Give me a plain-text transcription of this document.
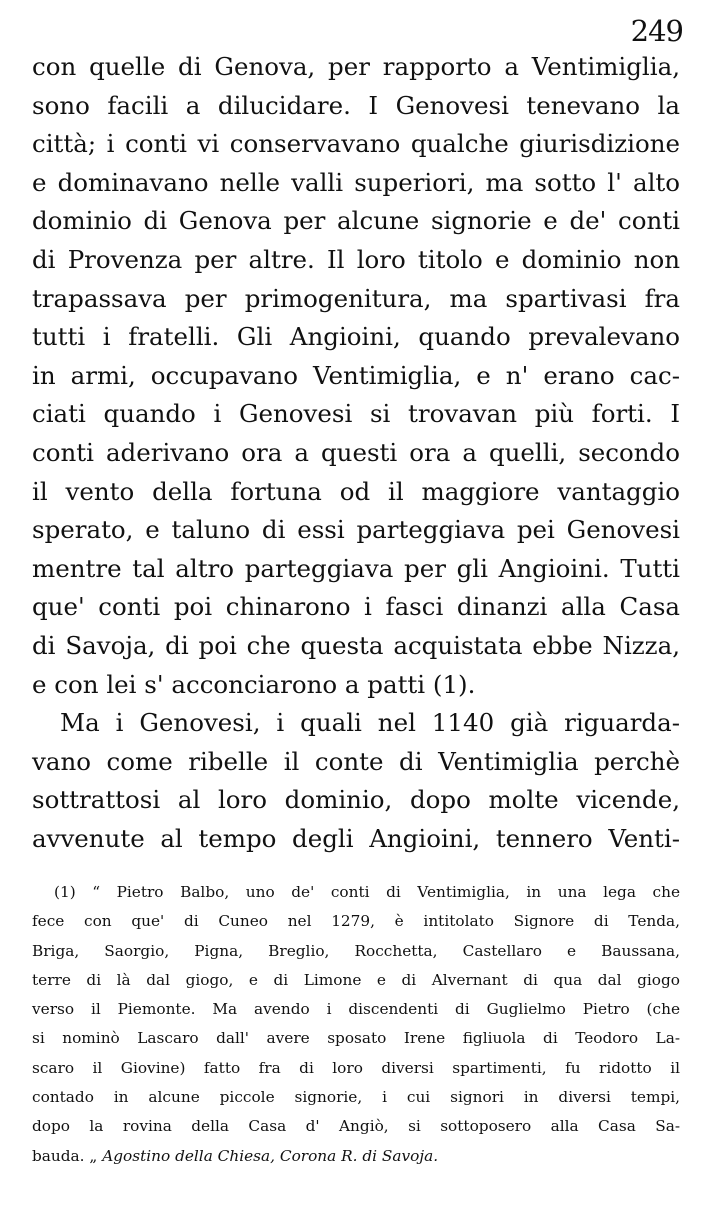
249
con quelle di Genova, per rapporto a Ventimiglia,
sono facili a dilucidare. I Genovesi tenevano la
città; i conti vi conservavano qualche giurisdizione
e dominavano nelle valli superiori, ma sotto l' alto
dominio di Genova per alcune signorie e de' conti
di Provenza per altre. Il loro titolo e dominio non
trapassava per primogenitura, ma spartivasi fra
tutti i fratelli. Gli Angioini, quando prevalevano
in armi, occupavano Ventimiglia, e n' erano cac-
ciati quando i Genovesi si trovavan più forti. I
conti aderivano ora a questi ora a quelli, secondo
il vento della fortuna od il maggiore vantaggio
sperato, e taluno di essi parteggiava pei Genovesi
mentre tal altro parteggiava per gli Angioini. Tutti
que' conti poi chinarono i fasci dinanzi alla Casa
di Savoja, di poi che questa acquistata ebbe Nizza,
e con lei s' acconciarono a patti (1).
Ma i Genovesi, i quali nel 1140 già riguarda-
vano come ribelle il conte di Ventimiglia perchè
sottrattosi al loro dominio, dopo molte vicende,
avvenute al tempo degli Angioini, tennero Venti-
(1) “ Pietro Balbo, uno de' conti di Ventimiglia, in una lega che
fece con que' di Cuneo nel 1279, è intitolato Signore di Tenda,
Briga, Saorgio, Pigna, Breglio, Rocchetta, Castellaro e Baussana,
terre di là dal giogo, e di Limone e di Alvernant di qua dal giogo
verso il Piemonte. Ma avendo i discendenti di Guglielmo Pietro (che
si nominò Lascaro dall' avere sposato Irene figliuola di Teodoro La-
scaro il Giovine) fatto fra di loro diversi spartimenti, fu ridotto il
contado in alcune piccole signorie, i cui signori in diversi tempi,
dopo la rovina della Casa d' Angiò, si sottoposero alla Casa Sa-
bauda. „ Agostino della Chiesa, Corona R. di Savoja.
